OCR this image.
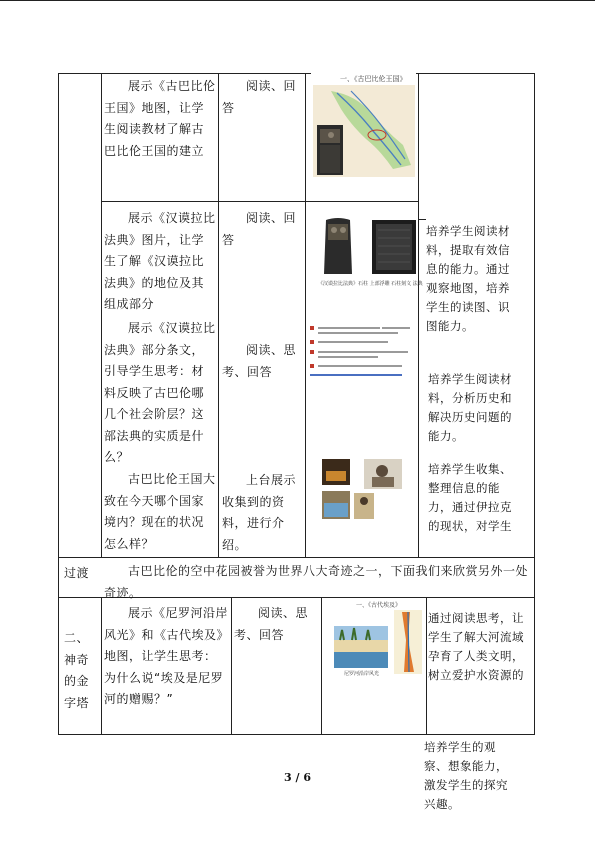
展示《古巴比伦王国》地图，让学生阅读教材了解古巴比伦王国的建立
阅读、回答
一、《古巴比伦王国》
展示《汉谟拉比法典》图片，让学生了解《汉谟拉比法典》的地位及其组成部分
阅读、回答
《汉谟拉比法典》石柱 上部浮雕 石柱刻文 法典
培养学生阅读材料，提取有效信息的能力。通过观察地图，培养学生的读图、识图能力。
展示《汉谟拉比法典》部分条文，引导学生思考：材料反映了古巴伦哪几个社会阶层？这部法典的实质是什么？
阅读、思考、回答
培养学生阅读材料，分析历史和解决历史问题的能力。
古巴比伦王国大致在今天哪个国家境内？现在的状况怎么样？
上台展示收集到的资料，进行介绍。
培养学生收集、整理信息的能力，通过伊拉克的现状，对学生
过渡	古巴比伦的空中花园被誉为世界八大奇迹之一，下面我们来欣赏另外一处奇迹。
二、神奇的金字塔
展示《尼罗河沿岸风光》和《古代埃及》地图，让学生思考：为什么说“埃及是尼罗河的赠赐？”
阅读、思考、回答
一、《古代埃及》
尼罗河沿岸风光
通过阅读思考，让学生了解大河流域孕育了人类文明，树立爱护水资源的
培养学生的观察、想象能力，激发学生的探究兴趣。
3 / 6
